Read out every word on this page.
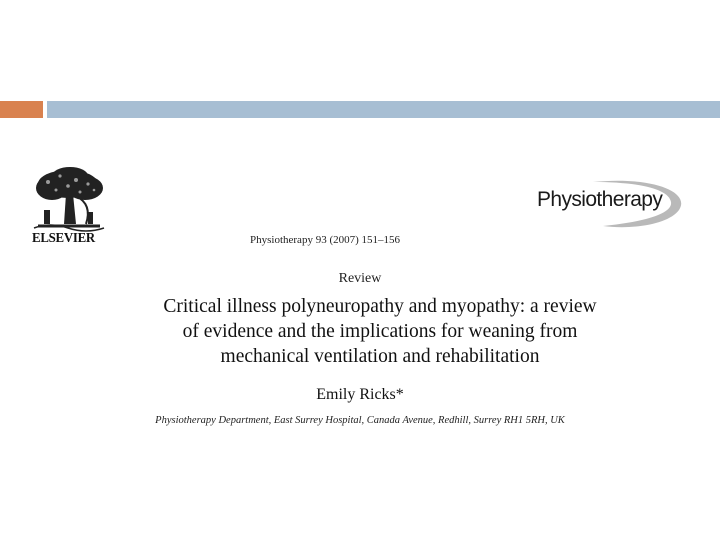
ELSEVIER
Physiotherapy
Physiotherapy 93 (2007) 151–156
Review
Critical illness polyneuropathy and myopathy: a review
of evidence and the implications for weaning from
mechanical ventilation and rehabilitation
Emily Ricks*
Physiotherapy Department, East Surrey Hospital, Canada Avenue, Redhill, Surrey RH1 5RH, UK
